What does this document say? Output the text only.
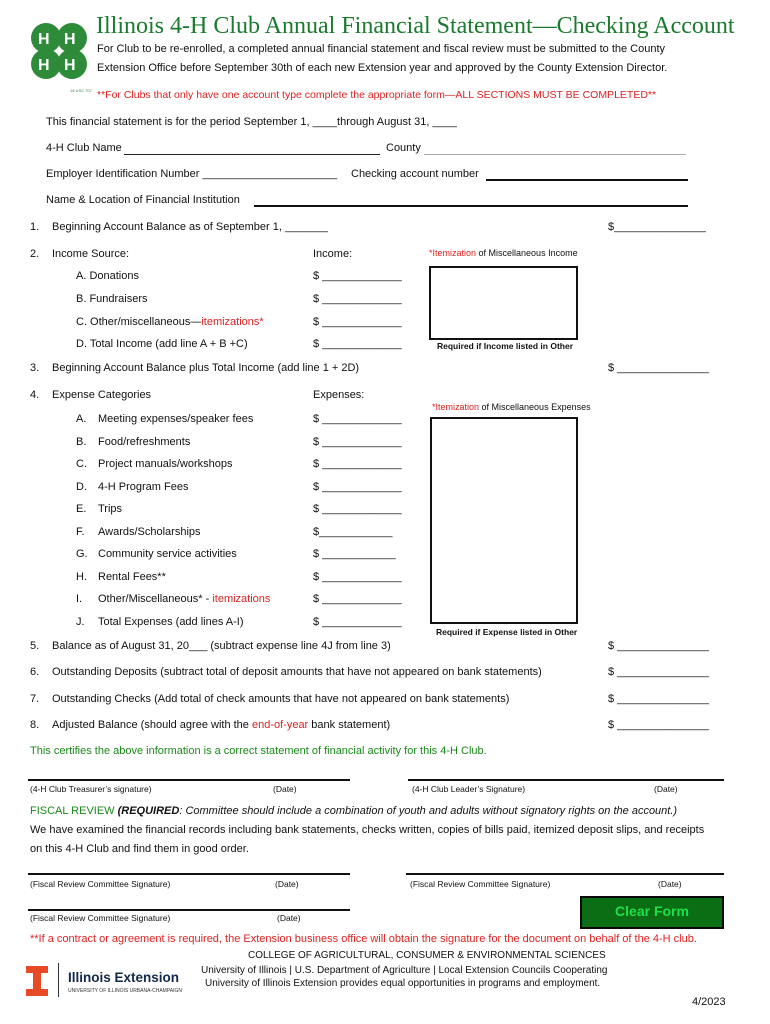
H H
H H
16 USC 707
Illinois 4-H Club Annual Financial Statement—Checking Account
For Club to be re-enrolled, a completed annual financial statement and fiscal review must be submitted to the County
Extension Office before September 30th of each new Extension year and approved by the County Extension Director.
**For Clubs that only have one account type complete the appropriate form—ALL SECTIONS MUST BE COMPLETED**
This financial statement is for the period September 1, ____through August 31, ____
4-H Club Name	County
Employer Identification Number ______________________ Checking account number
Name & Location of Financial Institution
1. Beginning Account Balance as of September 1, _______	$_______________
2. Income Source:	Income:	*Itemization of Miscellaneous Income
Required if Income listed in Other
A. Donations	$ _____________
B. Fundraisers	$ _____________
C. Other/miscellaneous—itemizations*	$ _____________
D. Total Income (add line A + B +C)	$ _____________
3. Beginning Account Balance plus Total Income (add line 1 + 2D)	$ _______________
4. Expense Categories	Expenses:
*Itemization of Miscellaneous Expenses
Required if Expense listed in Other
A. Meeting expenses/speaker fees	$ _____________
B. Food/refreshments	$ _____________
C. Project manuals/workshops	$ _____________
D. 4-H Program Fees	$ _____________
E. Trips	$ _____________
F. Awards/Scholarships	$____________
G. Community service activities	$ ____________
H. Rental Fees**	$ _____________
I. Other/Miscellaneous* - itemizations	$ _____________
J. Total Expenses (add lines A-I)	$ _____________
5. Balance as of August 31, 20___ (subtract expense line 4J from line 3)	$ _______________
6. Outstanding Deposits (subtract total of deposit amounts that have not appeared on bank statements)	$ _______________
7. Outstanding Checks (Add total of check amounts that have not appeared on bank statements)	$ _______________
8. Adjusted Balance (should agree with the end-of-year bank statement)	$ _______________
This certifies the above information is a correct statement of financial activity for this 4-H Club.
(4-H Club Treasurer’s signature)	(Date)	(4-H Club Leader’s Signature)	(Date)
FISCAL REVIEW (REQUIRED: Committee should include a combination of youth and adults without signatory rights on the account.)
We have examined the financial records including bank statements, checks written, copies of bills paid, itemized deposit slips, and receipts
on this 4-H Club and find them in good order.
(Fiscal Review Committee Signature)	(Date)	(Fiscal Review Committee Signature)	(Date)
(Fiscal Review Committee Signature)	(Date)	Clear Form
**If a contract or agreement is required, the Extension business office will obtain the signature for the document on behalf of the 4-H club.
Illinois Extension
UNIVERSITY OF ILLINOIS URBANA-CHAMPAIGN
COLLEGE OF AGRICULTURAL, CONSUMER & ENVIRONMENTAL SCIENCES
University of Illinois | U.S. Department of Agriculture | Local Extension Councils Cooperating
University of Illinois Extension provides equal opportunities in programs and employment.
4/2023
